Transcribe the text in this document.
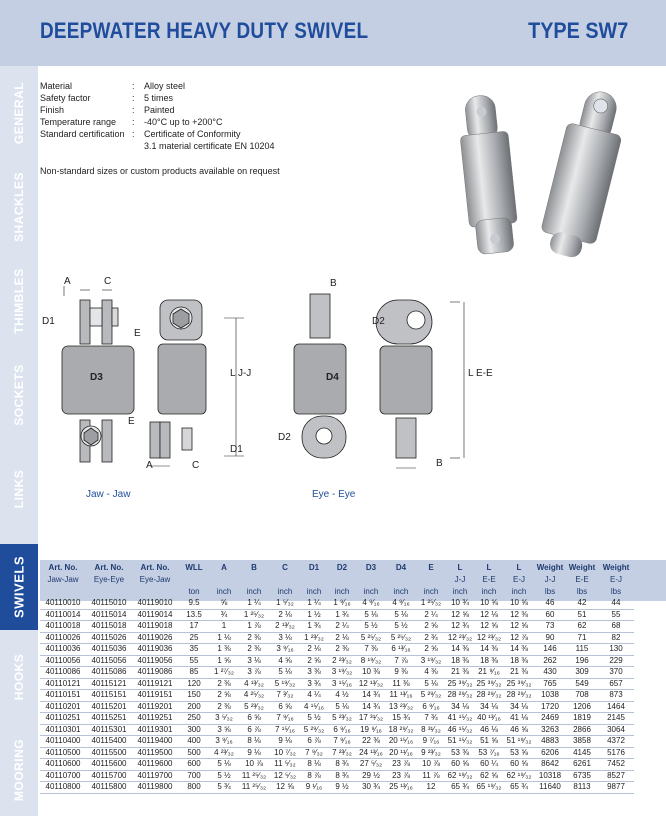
DEEPWATER HEAVY DUTY SWIVEL	TYPE SW7
GENERAL
SHACKLES
THIMBLES
SOCKETS
LINKS
SWIVELS
HOOKS
MOORING
Material	:	Alloy steel
Safety factor	:	5 times
Finish	:	Painted
Temperature range	:	-40°C up to +200°C
Standard certification :	Certificate of Conformity
3.1 material certificate EN 10204
Non-standard sizes or custom products available on request
A	C
D1
E
D3	L J-J
E
D1
A	C
B
D2
D4	L E-E
D2
B
Jaw - Jaw	Eye - Eye
Art. No.	Art. No.	Art. No.	WLL	A	B	C	D1	D2	D3	D4	E	L	L	L	Weight	Weight	Weight
Jaw-Jaw	Eye-Eye	Eye-Jaw										J-J	E-E	E-J	J-J	E-E	E-J
			ton	inch	inch	inch	inch	inch	inch	inch	inch	inch	inch	inch	lbs	lbs	lbs
40110010	40115010	40119010	9.5	⅝	1 ¼	1 ⁵⁄₃₂	1 ¼	1 ⁹⁄₁₆	4 ⁹⁄₁₆	4 ⁹⁄₁₆	1 ²⁵⁄₃₂	10 ¾	10 ⅝	10 ⅝	46	42	44
40110014	40115014	40119014	13.5	¾	1 ²⁵⁄₃₂	2 ⅛	1 ½	1 ¾	5 ⅛	5 ⅛	2 ¼	12 ⅝	12 ⅛	12 ⅜	60	51	55
40110018	40115018	40119018	17	1	1 ⅞	2 ¹³⁄₃₂	1 ¾	2 ¼	5 ½	5 ½	2 ⅝	12 ¾	12 ⅝	12 ⅝	73	62	68
40110026	40115026	40119026	25	1 ⅛	2 ⅜	3 ⅛	1 ²³⁄₃₂	2 ⅛	5 ²⁵⁄₃₂	5 ²⁵⁄₃₂	2 ¾	12 ²³⁄₃₂	12 ²³⁄₃₂	12 ⅞	90	71	82
40110036	40115036	40119036	35	1 ⅜	2 ⅜	3 ⁹⁄₁₆	2 ⅛	2 ⅜	7 ⅜	6 ¹³⁄₁₆	2 ⅝	14 ⅜	14 ⅜	14 ⅜	146	115	130
40110056	40115056	40119056	55	1 ⅝	3 ⅛	4 ⅝	2 ⅝	2 ²³⁄₃₂	8 ¹⁹⁄₃₂	7 ⅞	3 ¹⁹⁄₃₂	18 ⅜	18 ⅜	18 ⅜	262	196	229
40110086	40115086	40119086	85	1 ²⁷⁄₃₂	3 ⅞	5 ⅛	3 ⅜	3 ¹⁹⁄₃₂	10 ⅜	9 ⅜	4 ⅜	21 ⅜	21 ⁹⁄₁₆	21 ⅜	430	309	370
40110121	40115121	40119121	120	2 ⅜	4 ¹³⁄₃₂	5 ¹⁹⁄₃₂	3 ¾	3 ¹⁵⁄₁₆	12 ¹³⁄₃₂	11 ⅜	5 ⅛	25 ³⁹⁄₃₂	25 ³⁹⁄₃₂	25 ³⁹⁄₃₂	765	549	657
40110151	40115151	40119151	150	2 ⅝	4 ²⁵⁄₃₂	7 ³⁄₃₂	4 ¼	4 ½	14 ¾	11 ¹³⁄₁₆	5 ²⁹⁄₃₂	28 ²⁹⁄₃₂	28 ²⁹⁄₃₂	28 ²⁹⁄₃₂	1038	708	873
40110201	40115201	40119201	200	2 ⅜	5 ²³⁄₃₂	6 ⅝	4 ¹⁵⁄₁₆	5 ⅛	14 ¾	13 ²³⁄₃₂	6 ⁹⁄₁₆	34 ⅛	34 ⅛	34 ⅛	1720	1206	1464
40110251	40115251	40119251	250	3 ⁵⁄₃₂	6 ⅝	7 ⁹⁄₁₆	5 ½	5 ²³⁄₃₂	17 ³¹⁄₃₂	15 ¾	7 ¾	41 ¹⁵⁄₃₂	40 ¹³⁄₁₆	41 ⅛	2469	1819	2145
40110301	40115301	40119301	300	3 ⅝	6 ⅞	7 ¹⁵⁄₁₆	5 ²⁹⁄₃₂	6 ⁹⁄₁₆	19 ⁹⁄₁₆	18 ²⁹⁄₃₂	8 ³¹⁄₃₂	46 ¹⁵⁄₃₂	46 ⅛	46 ⅝	3263	2866	3064
40110400	40115400	40119400	400	3 ⁹⁄₁₆	8 ⅛	9 ⅛	6 ⅞	7 ⁹⁄₁₆	22 ⅜	20 ¹⁵⁄₁₆	9 ⁷⁄₁₆	51 ¹⁵⁄₃₂	51 ⅝	51 ¹⁹⁄₃₂	4883	3858	4372
40110500	40115500	40119500	500	4 ²³⁄₃₂	9 ⅛	10 ⁷⁄₃₂	7 ⁹⁄₃₂	7 ²³⁄₃₂	24 ¹³⁄₁₆	20 ¹¹⁄₁₆	9 ²³⁄₃₂	53 ⅜	53 ⁷⁄₁₆	53 ⅝	6206	4145	5176
40110600	40115600	40119600	600	5 ⅛	10 ⅞	11 ⁵⁄₃₂	8 ⅛	8 ¾	27 ⁵⁄₃₂	23 ⅞	10 ⅞	60 ⅝	60 ¼	60 ⅝	8642	6261	7452
40110700	40115700	40119700	700	5 ½	11 ²⁵⁄₃₂	12 ⁵⁄₃₂	8 ⅞	8 ¾	29 ½	23 ⅞	11 ⅞	62 ¹⁹⁄₃₂	62 ⅝	62 ¹⁹⁄₃₂	10318	6735	8527
40110800	40115800	40119800	800	5 ¾	11 ²⁵⁄₃₂	12 ⅝	9 ¹⁄₁₆	9 ½	30 ¾	25 ¹³⁄₁₆	12	65 ¾	65 ¹⁹⁄₃₂	65 ¾	11640	8113	9877
